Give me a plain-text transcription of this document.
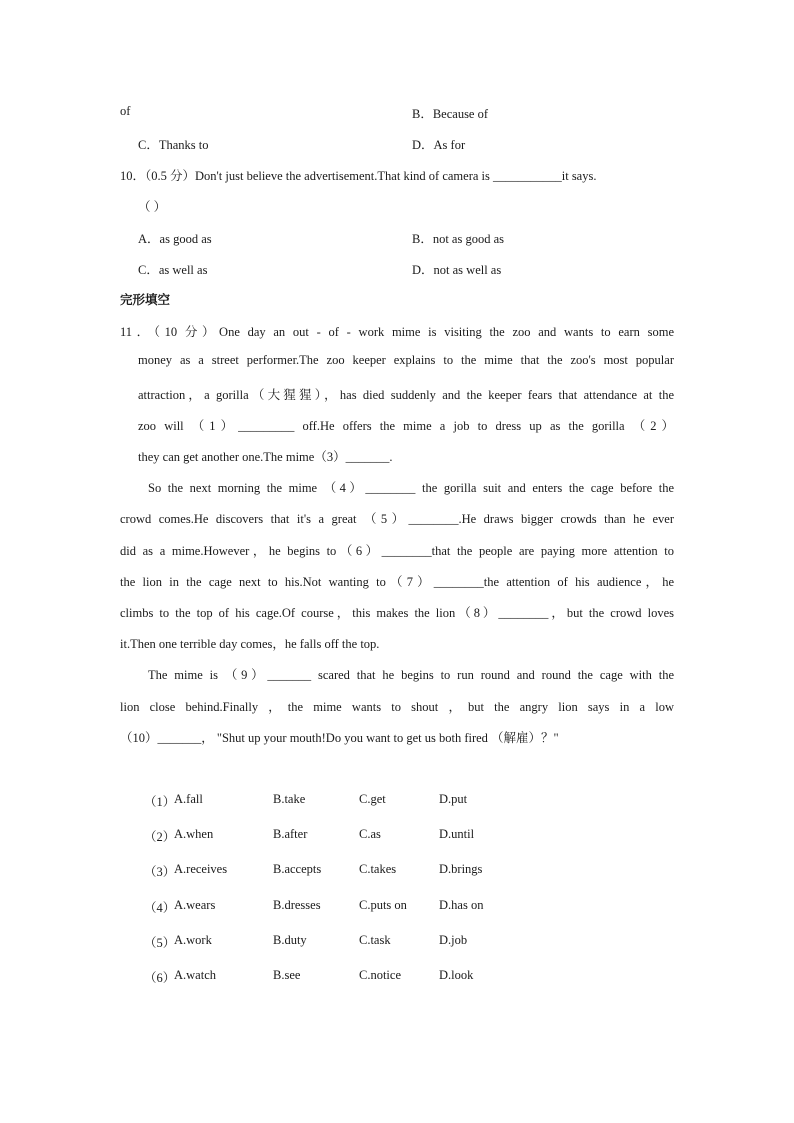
of	B．Because of
C．Thanks to	D．As for
10．（0.5 分）Don't just believe the advertisement.That kind of camera is ___________it says.
（ ）
A．as good as	B．not as good as
C．as well as	D．not as well as
完形填空
11．（10 分）One day an out - of - work mime is visiting the zoo and wants to earn some
money as a street performer.The zoo keeper explains to the mime that the zoo's most popular
attraction，a gorilla（大猩猩），has died suddenly and the keeper fears that attendance at the
zoo will （1）_________ off.He offers the mime a job to dress up as the gorilla （2）
they can get another one.The mime（3）_______.
So the next morning the mime （4）________ the gorilla suit and enters the cage before the
crowd comes.He discovers that it's a great （5）________.He draws bigger crowds than he ever
did as a mime.However，he begins to（6）________that the people are paying more attention to
the lion in the cage next to his.Not wanting to（7）________the attention of his audience，he
climbs to the top of his cage.Of course，this makes the lion（8）________，but the crowd loves
it.Then one terrible day comes，he falls off the top.
The mime is （9）_______ scared that he begins to run round and round the cage with the
lion close behind.Finally ，the mime wants to shout ，but the angry lion says in a low
（10）_______， "Shut up your mouth!Do you want to get us both fired （解雇）？"
（1）
A.fall	B.take	C.get	D.put
（2）
A.when	B.after	C.as	D.until
（3）
A.receives	B.accepts	C.takes	D.brings
（4）
A.wears	B.dresses	C.puts on	D.has on
（5）
A.work	B.duty	C.task	D.job
（6）
A.watch	B.see	C.notice	D.look
